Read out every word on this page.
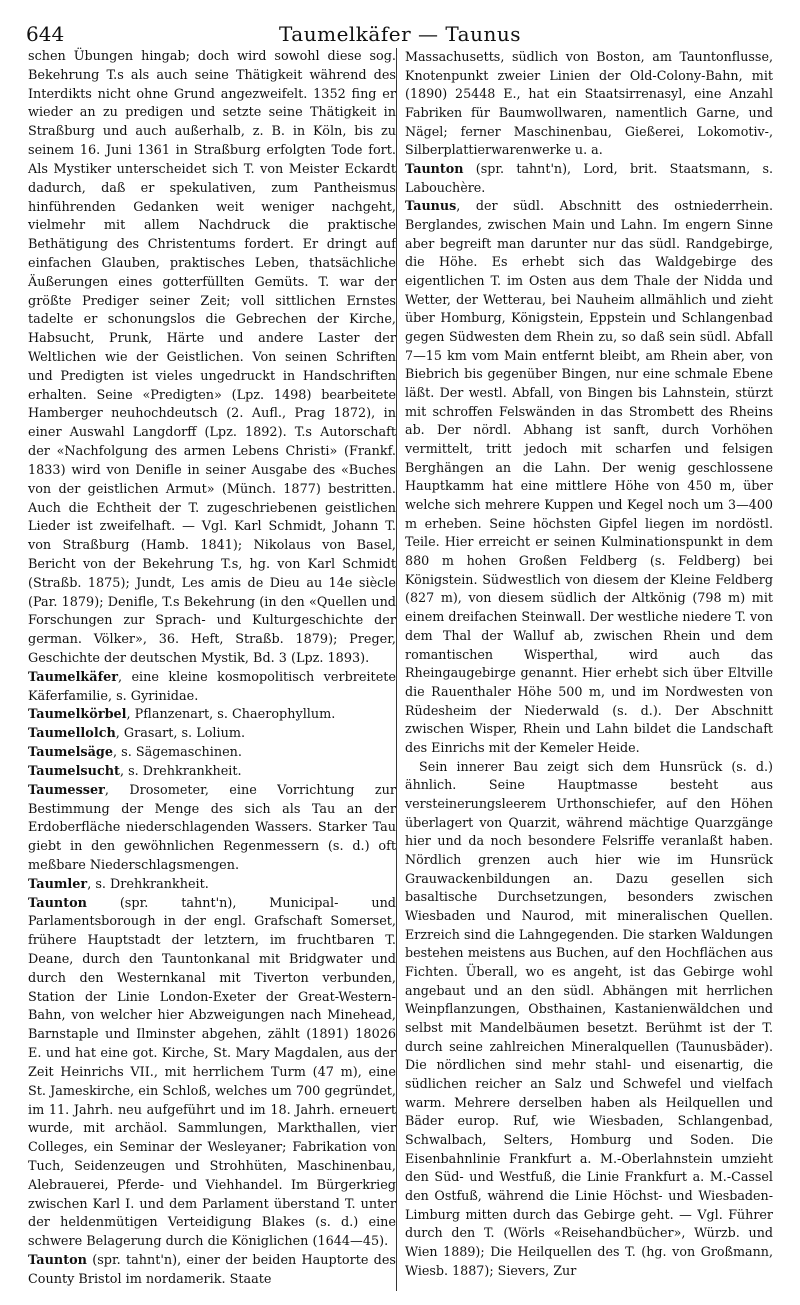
644	Taumelkäfer — Taunus

schen Übungen hingab; doch wird sowohl diese sog. Bekehrung T.s als auch seine Thätigkeit während des Interdikts nicht ohne Grund angezweifelt. 1352 fing er wieder an zu predigen und setzte seine Thätigkeit in Straßburg und auch außerhalb, z. B. in Köln, bis zu seinem 16. Juni 1361 in Straßburg erfolgten Tode fort. Als Mystiker unterscheidet sich T. von Meister Eckardt dadurch, daß er spekulativen, zum Pantheismus hinführenden Gedanken weit weniger nachgeht, vielmehr mit allem Nachdruck die praktische Bethätigung des Christentums fordert. Er dringt auf einfachen Glauben, praktisches Leben, thatsächliche Äußerungen eines gotterfüllten Gemüts. T. war der größte Prediger seiner Zeit; voll sittlichen Ernstes tadelte er schonungslos die Gebrechen der Kirche, Habsucht, Prunk, Härte und andere Laster der Weltlichen wie der Geistlichen. Von seinen Schriften und Predigten ist vieles ungedruckt in Handschriften erhalten. Seine «Predigten» (Lpz. 1498) bearbeitete Hamberger neuhochdeutsch (2. Aufl., Prag 1872), in einer Auswahl Langdorff (Lpz. 1892). T.s Autorschaft der «Nachfolgung des armen Lebens Christi» (Frankf. 1833) wird von Denifle in seiner Ausgabe des «Buches von der geistlichen Armut» (Münch. 1877) bestritten. Auch die Echtheit der T. zugeschriebenen geistlichen Lieder ist zweifelhaft. — Vgl. Karl Schmidt, Johann T. von Straßburg (Hamb. 1841); Nikolaus von Basel, Bericht von der Bekehrung T.s, hg. von Karl Schmidt (Straßb. 1875); Jundt, Les amis de Dieu au 14e siècle (Par. 1879); Denifle, T.s Bekehrung (in den «Quellen und Forschungen zur Sprach- und Kulturgeschichte der german. Völker», 36. Heft, Straßb. 1879); Preger, Geschichte der deutschen Mystik, Bd. 3 (Lpz. 1893).

Taumelkäfer, eine kleine kosmopolitisch verbreitete Käferfamilie, s. Gyrinidae.

Taumelkörbel, Pflanzenart, s. Chaerophyllum.

Taumellolch, Grasart, s. Lolium.

Taumelsäge, s. Sägemaschinen.

Taumelsucht, s. Drehkrankheit.

Taumesser, Drosometer, eine Vorrichtung zur Bestimmung der Menge des sich als Tau an der Erdoberfläche niederschlagenden Wassers. Starker Tau giebt in den gewöhnlichen Regenmessern (s. d.) oft meßbare Niederschlagsmengen.

Taumler, s. Drehkrankheit.

Taunton (spr. tahnt'n), Municipal- und Parlamentsborough in der engl. Grafschaft Somerset, frühere Hauptstadt der letztern, im fruchtbaren T. Deane, durch den Tauntonkanal mit Bridgwater und durch den Westernkanal mit Tiverton verbunden, Station der Linie London-Exeter der Great-Western-Bahn, von welcher hier Abzweigungen nach Minehead, Barnstaple und Ilminster abgehen, zählt (1891) 18026 E. und hat eine got. Kirche, St. Mary Magdalen, aus der Zeit Heinrichs VII., mit herrlichem Turm (47 m), eine St. Jameskirche, ein Schloß, welches um 700 gegründet, im 11. Jahrh. neu aufgeführt und im 18. Jahrh. erneuert wurde, mit archäol. Sammlungen, Markthallen, vier Colleges, ein Seminar der Wesleyaner; Fabrikation von Tuch, Seidenzeugen und Strohhüten, Maschinenbau, Alebrauerei, Pferde- und Viehhandel. Im Bürgerkrieg zwischen Karl I. und dem Parlament überstand T. unter der heldenmütigen Verteidigung Blakes (s. d.) eine schwere Belagerung durch die Königlichen (1644—45).

Taunton (spr. tahnt'n), einer der beiden Hauptorte des County Bristol im nordamerik. Staate

Massachusetts, südlich von Boston, am Tauntonflusse, Knotenpunkt zweier Linien der Old-Colony-Bahn, mit (1890) 25448 E., hat ein Staatsirrenasyl, eine Anzahl Fabriken für Baumwollwaren, namentlich Garne, und Nägel; ferner Maschinenbau, Gießerei, Lokomotiv-, Silberplattierwarenwerke u. a.

Taunton (spr. tahnt'n), Lord, brit. Staatsmann, s. Labouchère.

Taunus, der südl. Abschnitt des ostniederrhein. Berglandes, zwischen Main und Lahn. Im engern Sinne aber begreift man darunter nur das südl. Randgebirge, die Höhe. Es erhebt sich das Waldgebirge des eigentlichen T. im Osten aus dem Thale der Nidda und Wetter, der Wetterau, bei Nauheim allmählich und zieht über Homburg, Königstein, Eppstein und Schlangenbad gegen Südwesten dem Rhein zu, so daß sein südl. Abfall 7—15 km vom Main entfernt bleibt, am Rhein aber, von Biebrich bis gegenüber Bingen, nur eine schmale Ebene läßt. Der westl. Abfall, von Bingen bis Lahnstein, stürzt mit schroffen Felswänden in das Strombett des Rheins ab. Der nördl. Abhang ist sanft, durch Vorhöhen vermittelt, tritt jedoch mit scharfen und felsigen Berghängen an die Lahn. Der wenig geschlossene Hauptkamm hat eine mittlere Höhe von 450 m, über welche sich mehrere Kuppen und Kegel noch um 3—400 m erheben. Seine höchsten Gipfel liegen im nordöstl. Teile. Hier erreicht er seinen Kulminationspunkt in dem 880 m hohen Großen Feldberg (s. Feldberg) bei Königstein. Südwestlich von diesem der Kleine Feldberg (827 m), von diesem südlich der Altkönig (798 m) mit einem dreifachen Steinwall. Der westliche niedere T. von dem Thal der Walluf ab, zwischen Rhein und dem romantischen Wisperthal, wird auch das Rheingaugebirge genannt. Hier erhebt sich über Eltville die Rauenthaler Höhe 500 m, und im Nordwesten von Rüdesheim der Niederwald (s. d.). Der Abschnitt zwischen Wisper, Rhein und Lahn bildet die Landschaft des Einrichs mit der Kemeler Heide.

Sein innerer Bau zeigt sich dem Hunsrück (s. d.) ähnlich. Seine Hauptmasse besteht aus versteinerungsleerem Urthonschiefer, auf den Höhen überlagert von Quarzit, während mächtige Quarzgänge hier und da noch besondere Felsriffe veranlaßt haben. Nördlich grenzen auch hier wie im Hunsrück Grauwackenbildungen an. Dazu gesellen sich basaltische Durchsetzungen, besonders zwischen Wiesbaden und Naurod, mit mineralischen Quellen. Erzreich sind die Lahngegenden. Die starken Waldungen bestehen meistens aus Buchen, auf den Hochflächen aus Fichten. Überall, wo es angeht, ist das Gebirge wohl angebaut und an den südl. Abhängen mit herrlichen Weinpflanzungen, Obsthainen, Kastanienwäldchen und selbst mit Mandelbäumen besetzt. Berühmt ist der T. durch seine zahlreichen Mineralquellen (Taunusbäder). Die nördlichen sind mehr stahl- und eisenartig, die südlichen reicher an Salz und Schwefel und vielfach warm. Mehrere derselben haben als Heilquellen und Bäder europ. Ruf, wie Wiesbaden, Schlangenbad, Schwalbach, Selters, Homburg und Soden. Die Eisenbahnlinie Frankfurt a. M.-Oberlahnstein umzieht den Süd- und Westfuß, die Linie Frankfurt a. M.-Cassel den Ostfuß, während die Linie Höchst- und Wiesbaden-Limburg mitten durch das Gebirge geht. — Vgl. Führer durch den T. (Wörls «Reisehandbücher», Würzb. und Wien 1889); Die Heilquellen des T. (hg. von Großmann, Wiesb. 1887); Sievers, Zur
